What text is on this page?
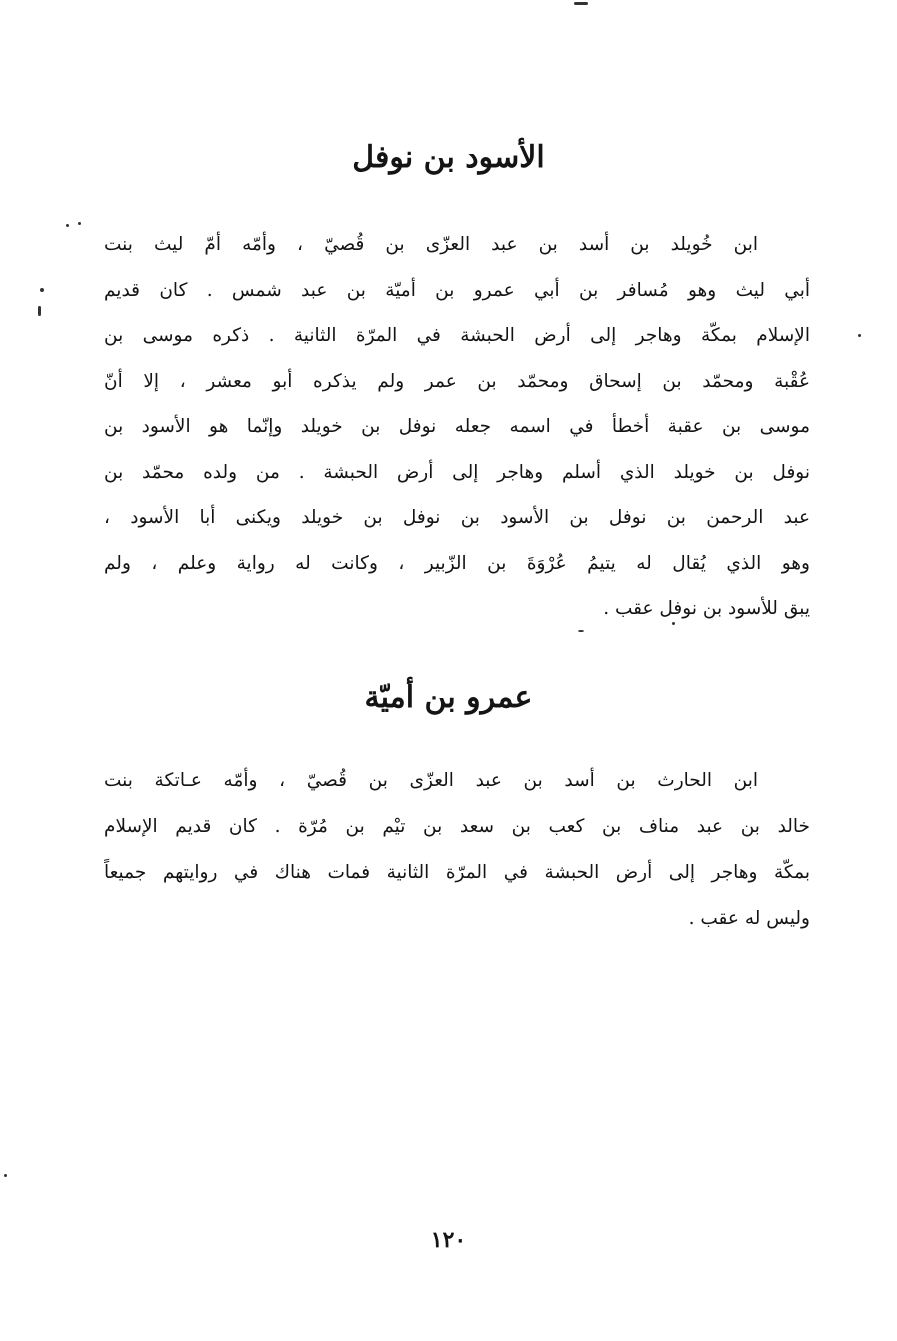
الأسود بن نوفل
ابن خُويلد بن أسد بن عبد العزّى بن قُصيّ ، وأمّه أمّ ليث بنت
أبي ليث وهو مُسافر بن أبي عمرو بن أميّة بن عبد شمس . كان قديم
الإسلام بمكّة وهاجر إلى أرض الحبشة في المرّة الثانية . ذكره موسى بن
عُقْبة ومحمّد بن إسحاق ومحمّد بن عمر ولم يذكره أبو معشر ، إلا أنّ
موسى بن عقبة أخطأ في اسمه جعله نوفل بن خويلد وإنّما هو الأسود بن
نوفل بن خويلد الذي أسلم وهاجر إلى أرض الحبشة . من ولده محمّد بن
عبد الرحمن بن نوفل بن الأسود بن نوفل بن خويلد ويكنى أبا الأسود ،
وهو الذي يُقال له يتيمُ عُرْوَةَ بن الزّبير ، وكانت له رواية وعلم ، ولم
يبق للأسود بن نوفل عقب .
عمرو بن أميّة
ابن الحارث بن أسد بن عبد العزّى بن قُصيّ ، وأمّه عـاتكة بنت
خالد بن عبد مناف بن كعب بن سعد بن تيْم بن مُرّة . كان قديم الإسلام
بمكّة وهاجر إلى أرض الحبشة في المرّة الثانية فمات هناك في روايتهم جميعاً
وليس له عقب .
١٢٠
